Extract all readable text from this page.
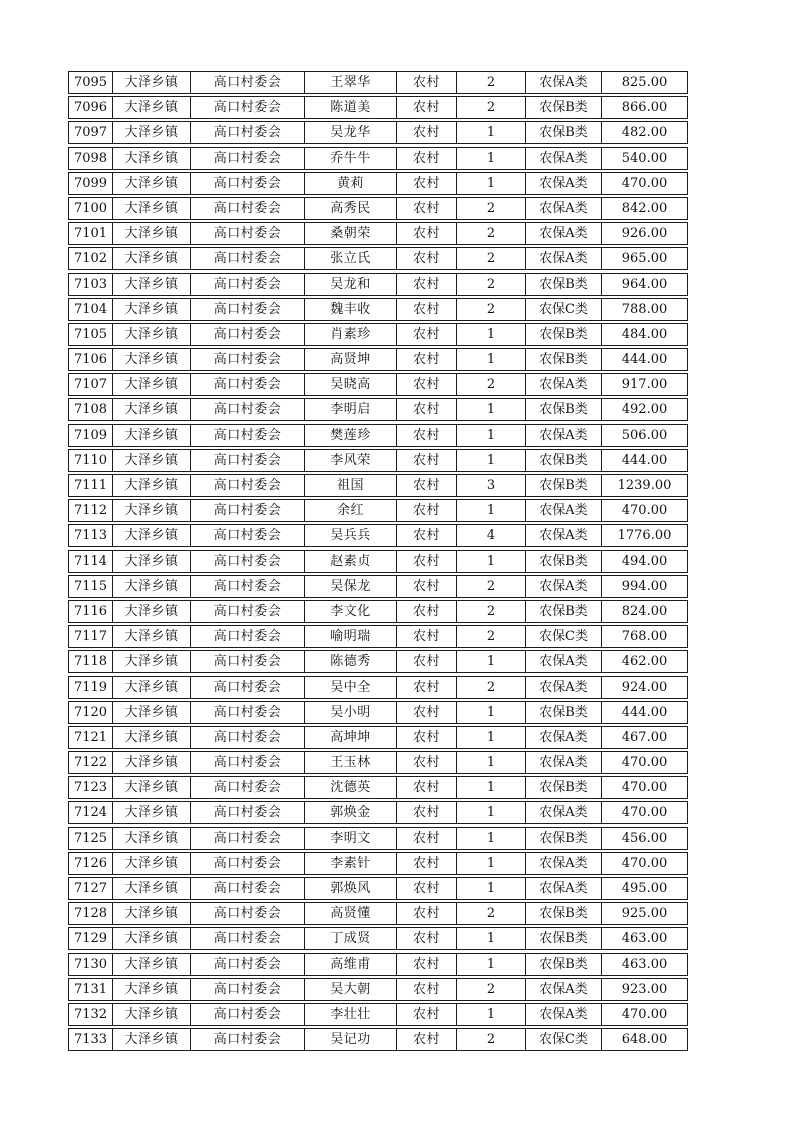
7095	大泽乡镇	高口村委会	王翠华	农村	2	农保A类	825.00
7096	大泽乡镇	高口村委会	陈道美	农村	2	农保B类	866.00
7097	大泽乡镇	高口村委会	吴龙华	农村	1	农保B类	482.00
7098	大泽乡镇	高口村委会	乔牛牛	农村	1	农保A类	540.00
7099	大泽乡镇	高口村委会	黄莉	农村	1	农保A类	470.00
7100	大泽乡镇	高口村委会	高秀民	农村	2	农保A类	842.00
7101	大泽乡镇	高口村委会	桑朝荣	农村	2	农保A类	926.00
7102	大泽乡镇	高口村委会	张立氏	农村	2	农保A类	965.00
7103	大泽乡镇	高口村委会	吴龙和	农村	2	农保B类	964.00
7104	大泽乡镇	高口村委会	魏丰收	农村	2	农保C类	788.00
7105	大泽乡镇	高口村委会	肖素珍	农村	1	农保B类	484.00
7106	大泽乡镇	高口村委会	高贤坤	农村	1	农保B类	444.00
7107	大泽乡镇	高口村委会	吴晓高	农村	2	农保A类	917.00
7108	大泽乡镇	高口村委会	李明启	农村	1	农保B类	492.00
7109	大泽乡镇	高口村委会	樊莲珍	农村	1	农保A类	506.00
7110	大泽乡镇	高口村委会	李风荣	农村	1	农保B类	444.00
7111	大泽乡镇	高口村委会	祖国	农村	3	农保B类	1239.00
7112	大泽乡镇	高口村委会	余红	农村	1	农保A类	470.00
7113	大泽乡镇	高口村委会	吴兵兵	农村	4	农保A类	1776.00
7114	大泽乡镇	高口村委会	赵素贞	农村	1	农保B类	494.00
7115	大泽乡镇	高口村委会	吴保龙	农村	2	农保A类	994.00
7116	大泽乡镇	高口村委会	李文化	农村	2	农保B类	824.00
7117	大泽乡镇	高口村委会	喻明瑞	农村	2	农保C类	768.00
7118	大泽乡镇	高口村委会	陈德秀	农村	1	农保A类	462.00
7119	大泽乡镇	高口村委会	吴中全	农村	2	农保A类	924.00
7120	大泽乡镇	高口村委会	吴小明	农村	1	农保B类	444.00
7121	大泽乡镇	高口村委会	高坤坤	农村	1	农保A类	467.00
7122	大泽乡镇	高口村委会	王玉林	农村	1	农保A类	470.00
7123	大泽乡镇	高口村委会	沈德英	农村	1	农保B类	470.00
7124	大泽乡镇	高口村委会	郭焕金	农村	1	农保A类	470.00
7125	大泽乡镇	高口村委会	李明文	农村	1	农保B类	456.00
7126	大泽乡镇	高口村委会	李素针	农村	1	农保A类	470.00
7127	大泽乡镇	高口村委会	郭焕风	农村	1	农保A类	495.00
7128	大泽乡镇	高口村委会	高贤懂	农村	2	农保B类	925.00
7129	大泽乡镇	高口村委会	丁成贤	农村	1	农保B类	463.00
7130	大泽乡镇	高口村委会	高维甫	农村	1	农保B类	463.00
7131	大泽乡镇	高口村委会	吴大朝	农村	2	农保A类	923.00
7132	大泽乡镇	高口村委会	李壮壮	农村	1	农保A类	470.00
7133	大泽乡镇	高口村委会	吴记功	农村	2	农保C类	648.00
